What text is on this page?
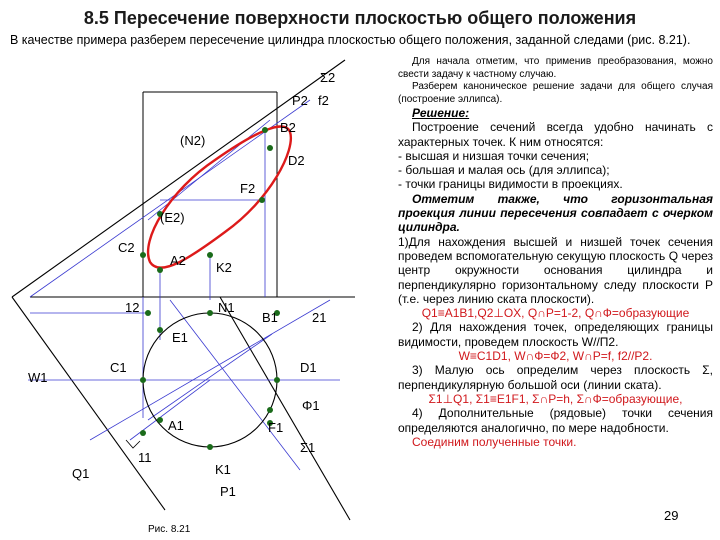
8.5 Пересечение поверхности плоскостью общего положения
В качестве примера разберем пересечение цилиндра плоскостью общего положения, заданной следами (рис. 8.21).
Σ2
P2 f2
B2
(N2)
D2
F2
(E2)
C2
A2 K2
12	N1
B1	21
E1
W1
C1	D1
Φ1
A1	F1
Σ1
11
Q1	K1
P1
Рис. 8.21

Для начала отметим, что применив преобразования, можно свести задачу к частному случаю.

Разберем каноническое решение задачи для общего случая (построение эллипса).

Решение:

Построение сечений всегда удобно начинать с характерных точек. К ним относятся:

- высшая и низшая точки сечения;

- большая и малая ось (для эллипса);

- точки границы видимости в проекциях.

Отметим также, что горизонтальная проекция линии пересечения совпадает с очерком цилиндра.

1)Для нахождения высшей и низшей точек сечения проведем вспомогательную секущую плоскость Q через центр окружности основания цилиндра и перпендикулярно горизонтальному следу плоскости P (т.е. через линию ската плоскости).

Q1≡A1B1,Q2⊥OX, Q∩P=1-2, Q∩Ф=образующие

2) Для нахождения точек, определяющих границы видимости, проведем плоскость W//П2.

W≡C1D1, W∩Ф=Ф2, W∩P=f, f2//P2.

3) Малую ось определим через плоскость Σ, перпендикулярную большой оси (линии ската).

Σ1⊥Q1, Σ1≡E1F1, Σ∩P=h, Σ∩Ф=образующие,

4) Дополнительные (рядовые) точки сечения определяются аналогично, по мере надобности.

Соединим полученные точки.

29
